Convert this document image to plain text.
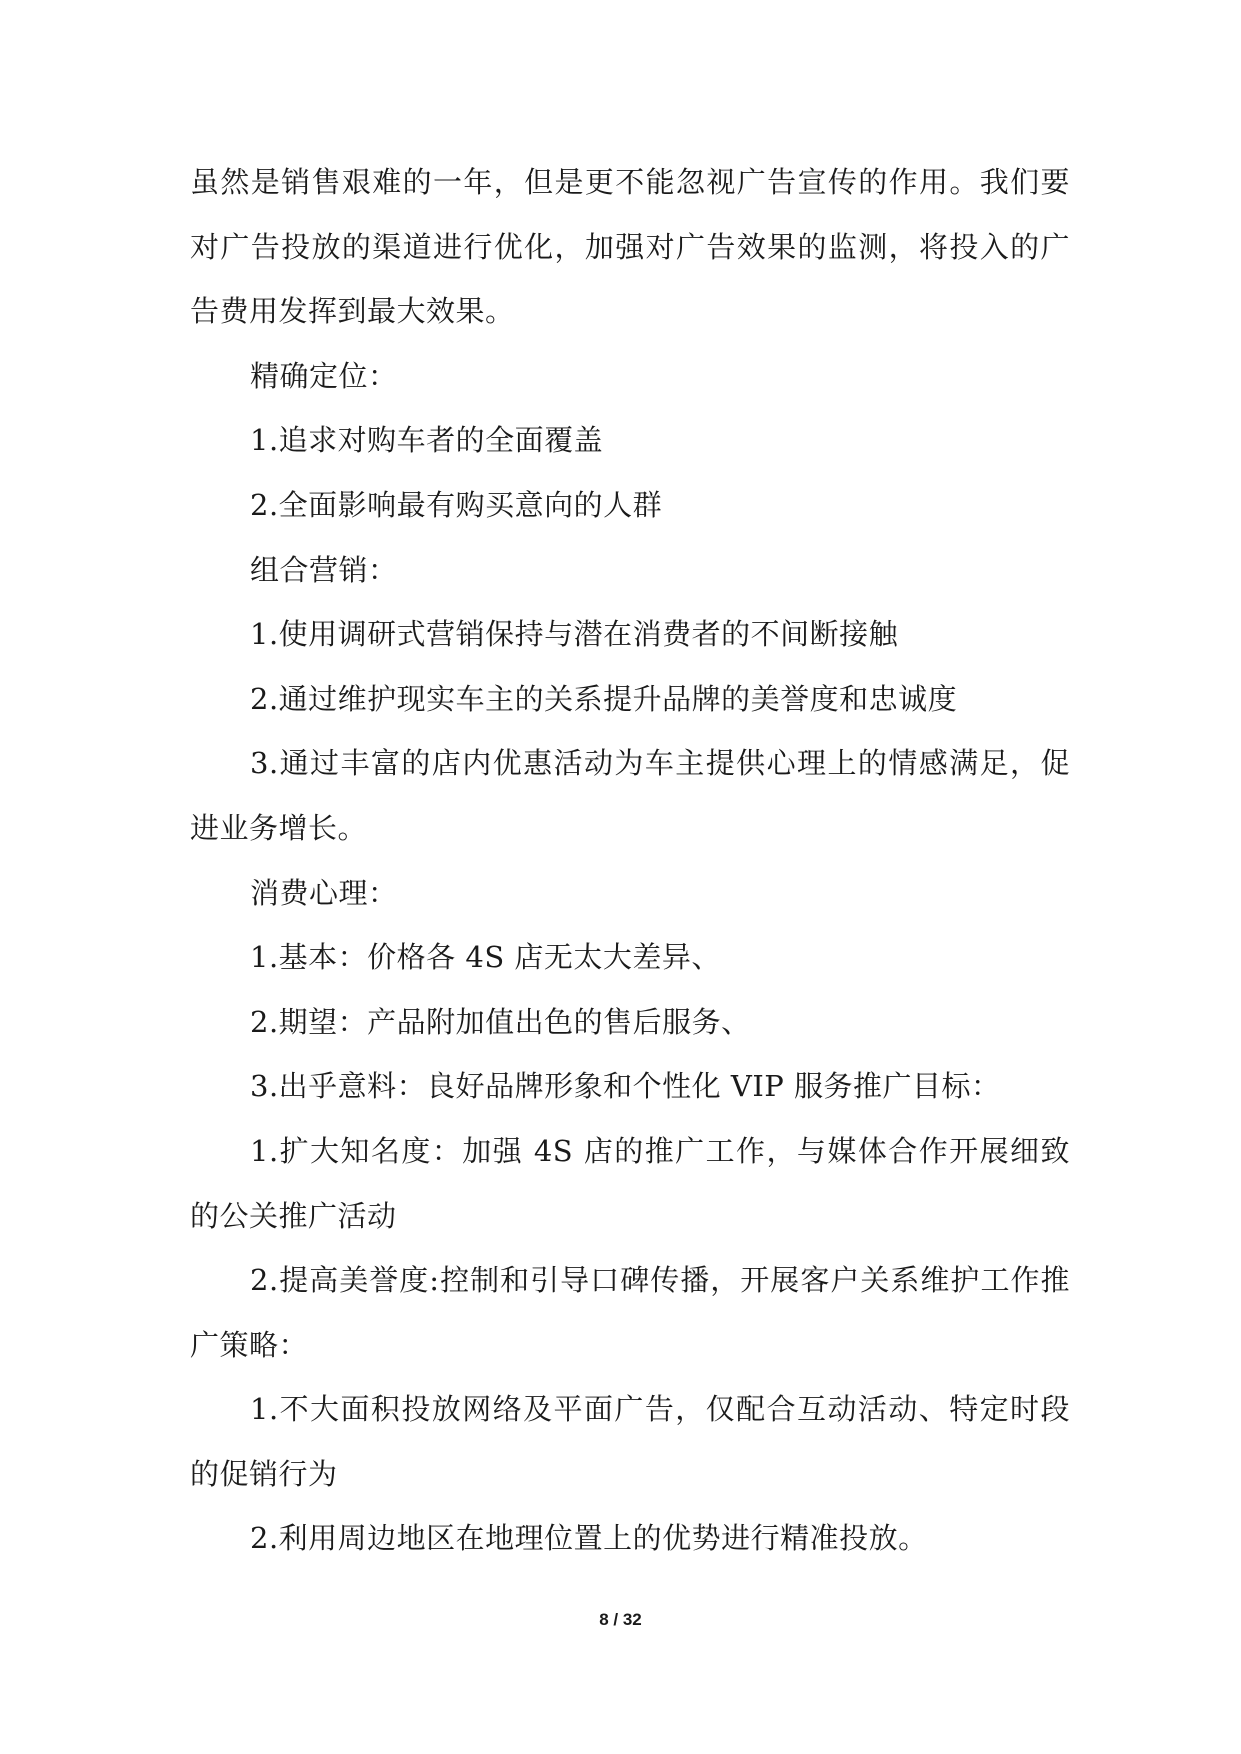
虽然是销售艰难的一年，但是更不能忽视广告宣传的作用。我们要对广告投放的渠道进行优化，加强对广告效果的监测，将投入的广告费用发挥到最大效果。

精确定位：

1.追求对购车者的全面覆盖

2.全面影响最有购买意向的人群

组合营销：

1.使用调研式营销保持与潜在消费者的不间断接触

2.通过维护现实车主的关系提升品牌的美誉度和忠诚度

3.通过丰富的店内优惠活动为车主提供心理上的情感满足，促进业务增长。

消费心理：

1.基本：价格各 4S 店无太大差异、

2.期望：产品附加值出色的售后服务、

3.出乎意料：良好品牌形象和个性化 VIP 服务推广目标：

1.扩大知名度：加强 4S 店的推广工作，与媒体合作开展细致的公关推广活动

2.提高美誉度:控制和引导口碑传播，开展客户关系维护工作推广策略：

1.不大面积投放网络及平面广告，仅配合互动活动、特定时段的促销行为

2.利用周边地区在地理位置上的优势进行精准投放。

8 / 32
